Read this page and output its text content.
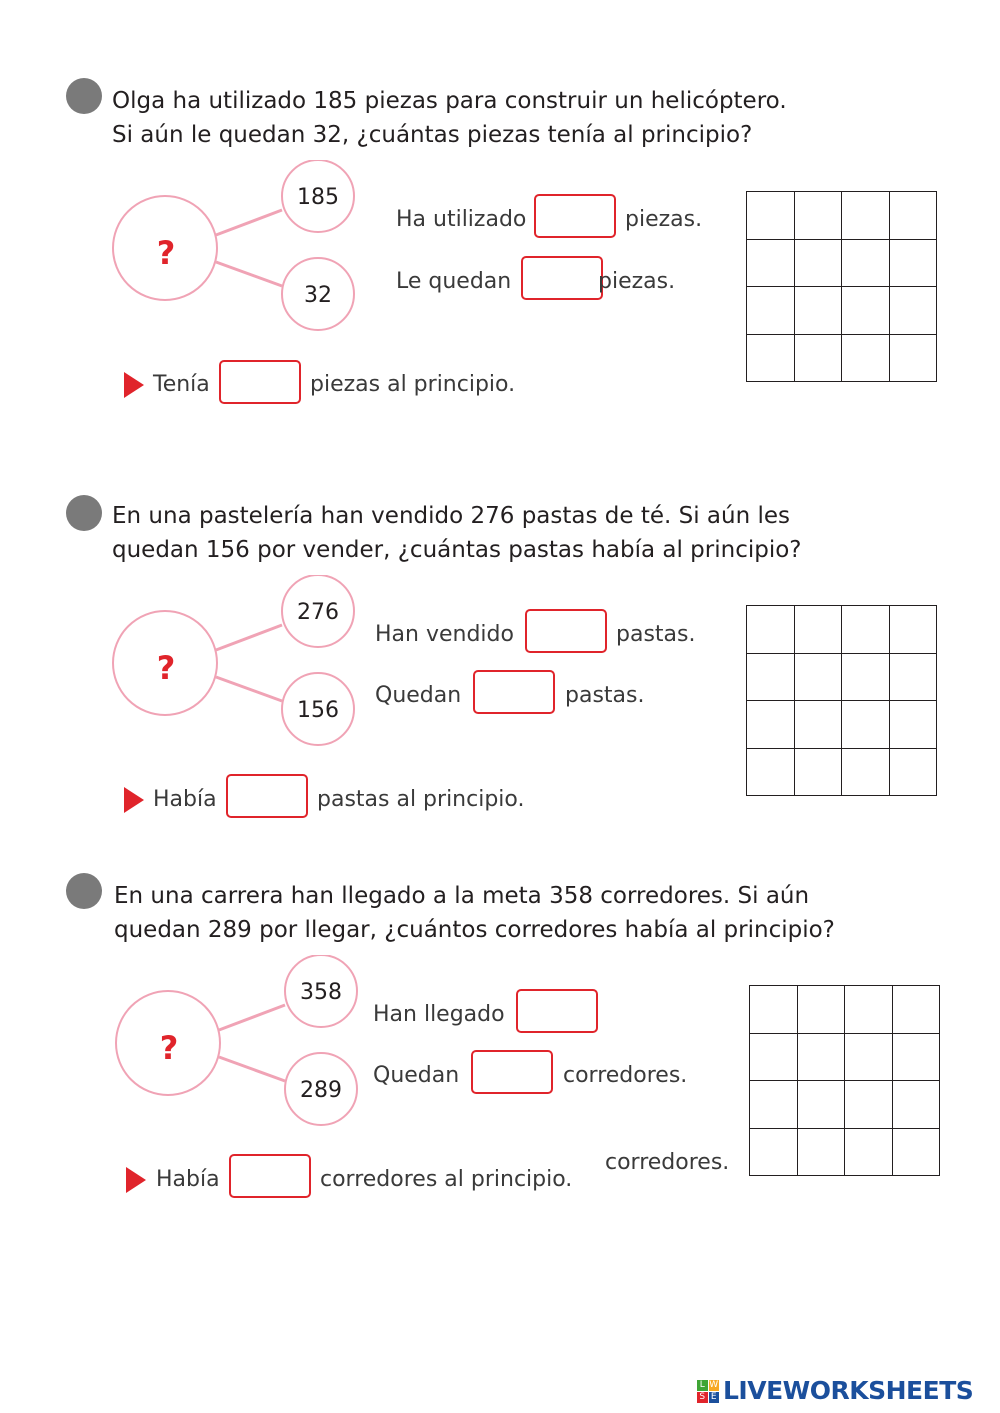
Olga ha utilizado 185 piezas para construir un helicóptero.
Si aún le quedan 32, ¿cuántas piezas tenía al principio?
?
185
32
Ha utilizado	piezas.
Le quedan	piezas.
Tenía	piezas al principio.
En una pastelería han vendido 276 pastas de té. Si aún les
quedan 156 por vender, ¿cuántas pastas había al principio?
?
276
156
Han vendido	pastas.
Quedan	pastas.
Había	pastas al principio.
En una carrera han llegado a la meta 358 corredores. Si aún
quedan 289 por llegar, ¿cuántos corredores había al principio?
?
358
289
Han llegado
Quedan	corredores.
Había	corredores al principio.
corredores.
L W
S E LIVEWORKSHEETS
